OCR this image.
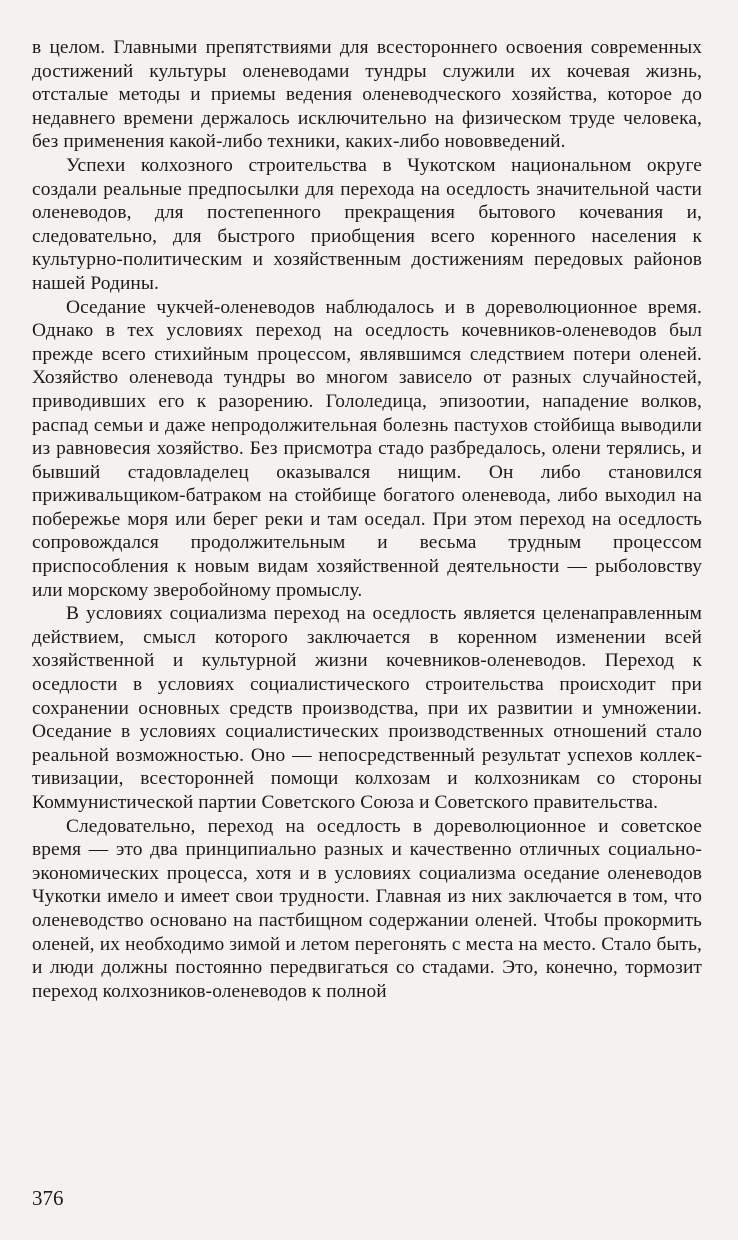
в целом. Главными препятствиями для всестороннего освоения современных достижений культуры оленеводами тундры служили их кочевая жизнь, отсталые методы и приемы ведения оленеводческого хозяйства, которое до недавнего времени держалось исключительно на физическом труде человека, без применения какой-либо техники, каких-либо нововведений.

Успехи колхозного строительства в Чукотском национальном округе создали реальные предпосылки для перехода на оседлость значительной части оленеводов, для постепенного прекращения бытового кочевания и, следовательно, для быстрого приобщения всего коренного населения к культурно-политическим и хозяйственным достижениям передовых районов нашей Родины.

Оседание чукчей-оленеводов наблюдалось и в дореволюционное время. Однако в тех условиях переход на оседлость кочевников-оленеводов был прежде всего стихийным процессом, являвшимся следствием потери оленей. Хозяйство оленевода тундры во многом зависело от разных случайностей, приводивших его к разорению. Гололедица, эпизоотии, нападение волков, распад семьи и даже непродолжительная болезнь пастухов стойбища выводили из равновесия хозяйство. Без присмотра стадо разбредалось, олени терялись, и бывший стадовладелец оказывался нищим. Он либо становился приживальщиком-батраком на стойбище богатого оленевода, либо выходил на побережье моря или берег реки и там оседал. При этом переход на оседлость сопровождался продолжительным и весьма трудным процессом приспособления к новым видам хозяйственной деятельности — рыболовству или морскому зверобойному промыслу.

В условиях социализма переход на оседлость является целенаправленным действием, смысл которого заключается в коренном изменении всей хозяйственной и культурной жизни кочевников-оленеводов. Переход к оседлости в условиях социалистического строительства происходит при сохранении основных средств производства, при их развитии и умножении. Оседание в условиях социалистических производственных отношений стало реальной возможностью. Оно — непосредственный результат успехов коллективизации, всесторонней помощи колхозам и колхозникам со стороны Коммунистической партии Советского Союза и Советского правительства.

Следовательно, переход на оседлость в дореволюционное и советское время — это два принципиально разных и качественно отличных социально-экономических процесса, хотя и в условиях социализма оседание оленеводов Чукотки имело и имеет свои трудности. Главная из них заключается в том, что оленеводство основано на пастбищном содержании оленей. Чтобы прокормить оленей, их необходимо зимой и летом перегонять с места на место. Стало быть, и люди должны постоянно передвигаться со стадами. Это, конечно, тормозит переход колхозников-оленеводов к полной

376
